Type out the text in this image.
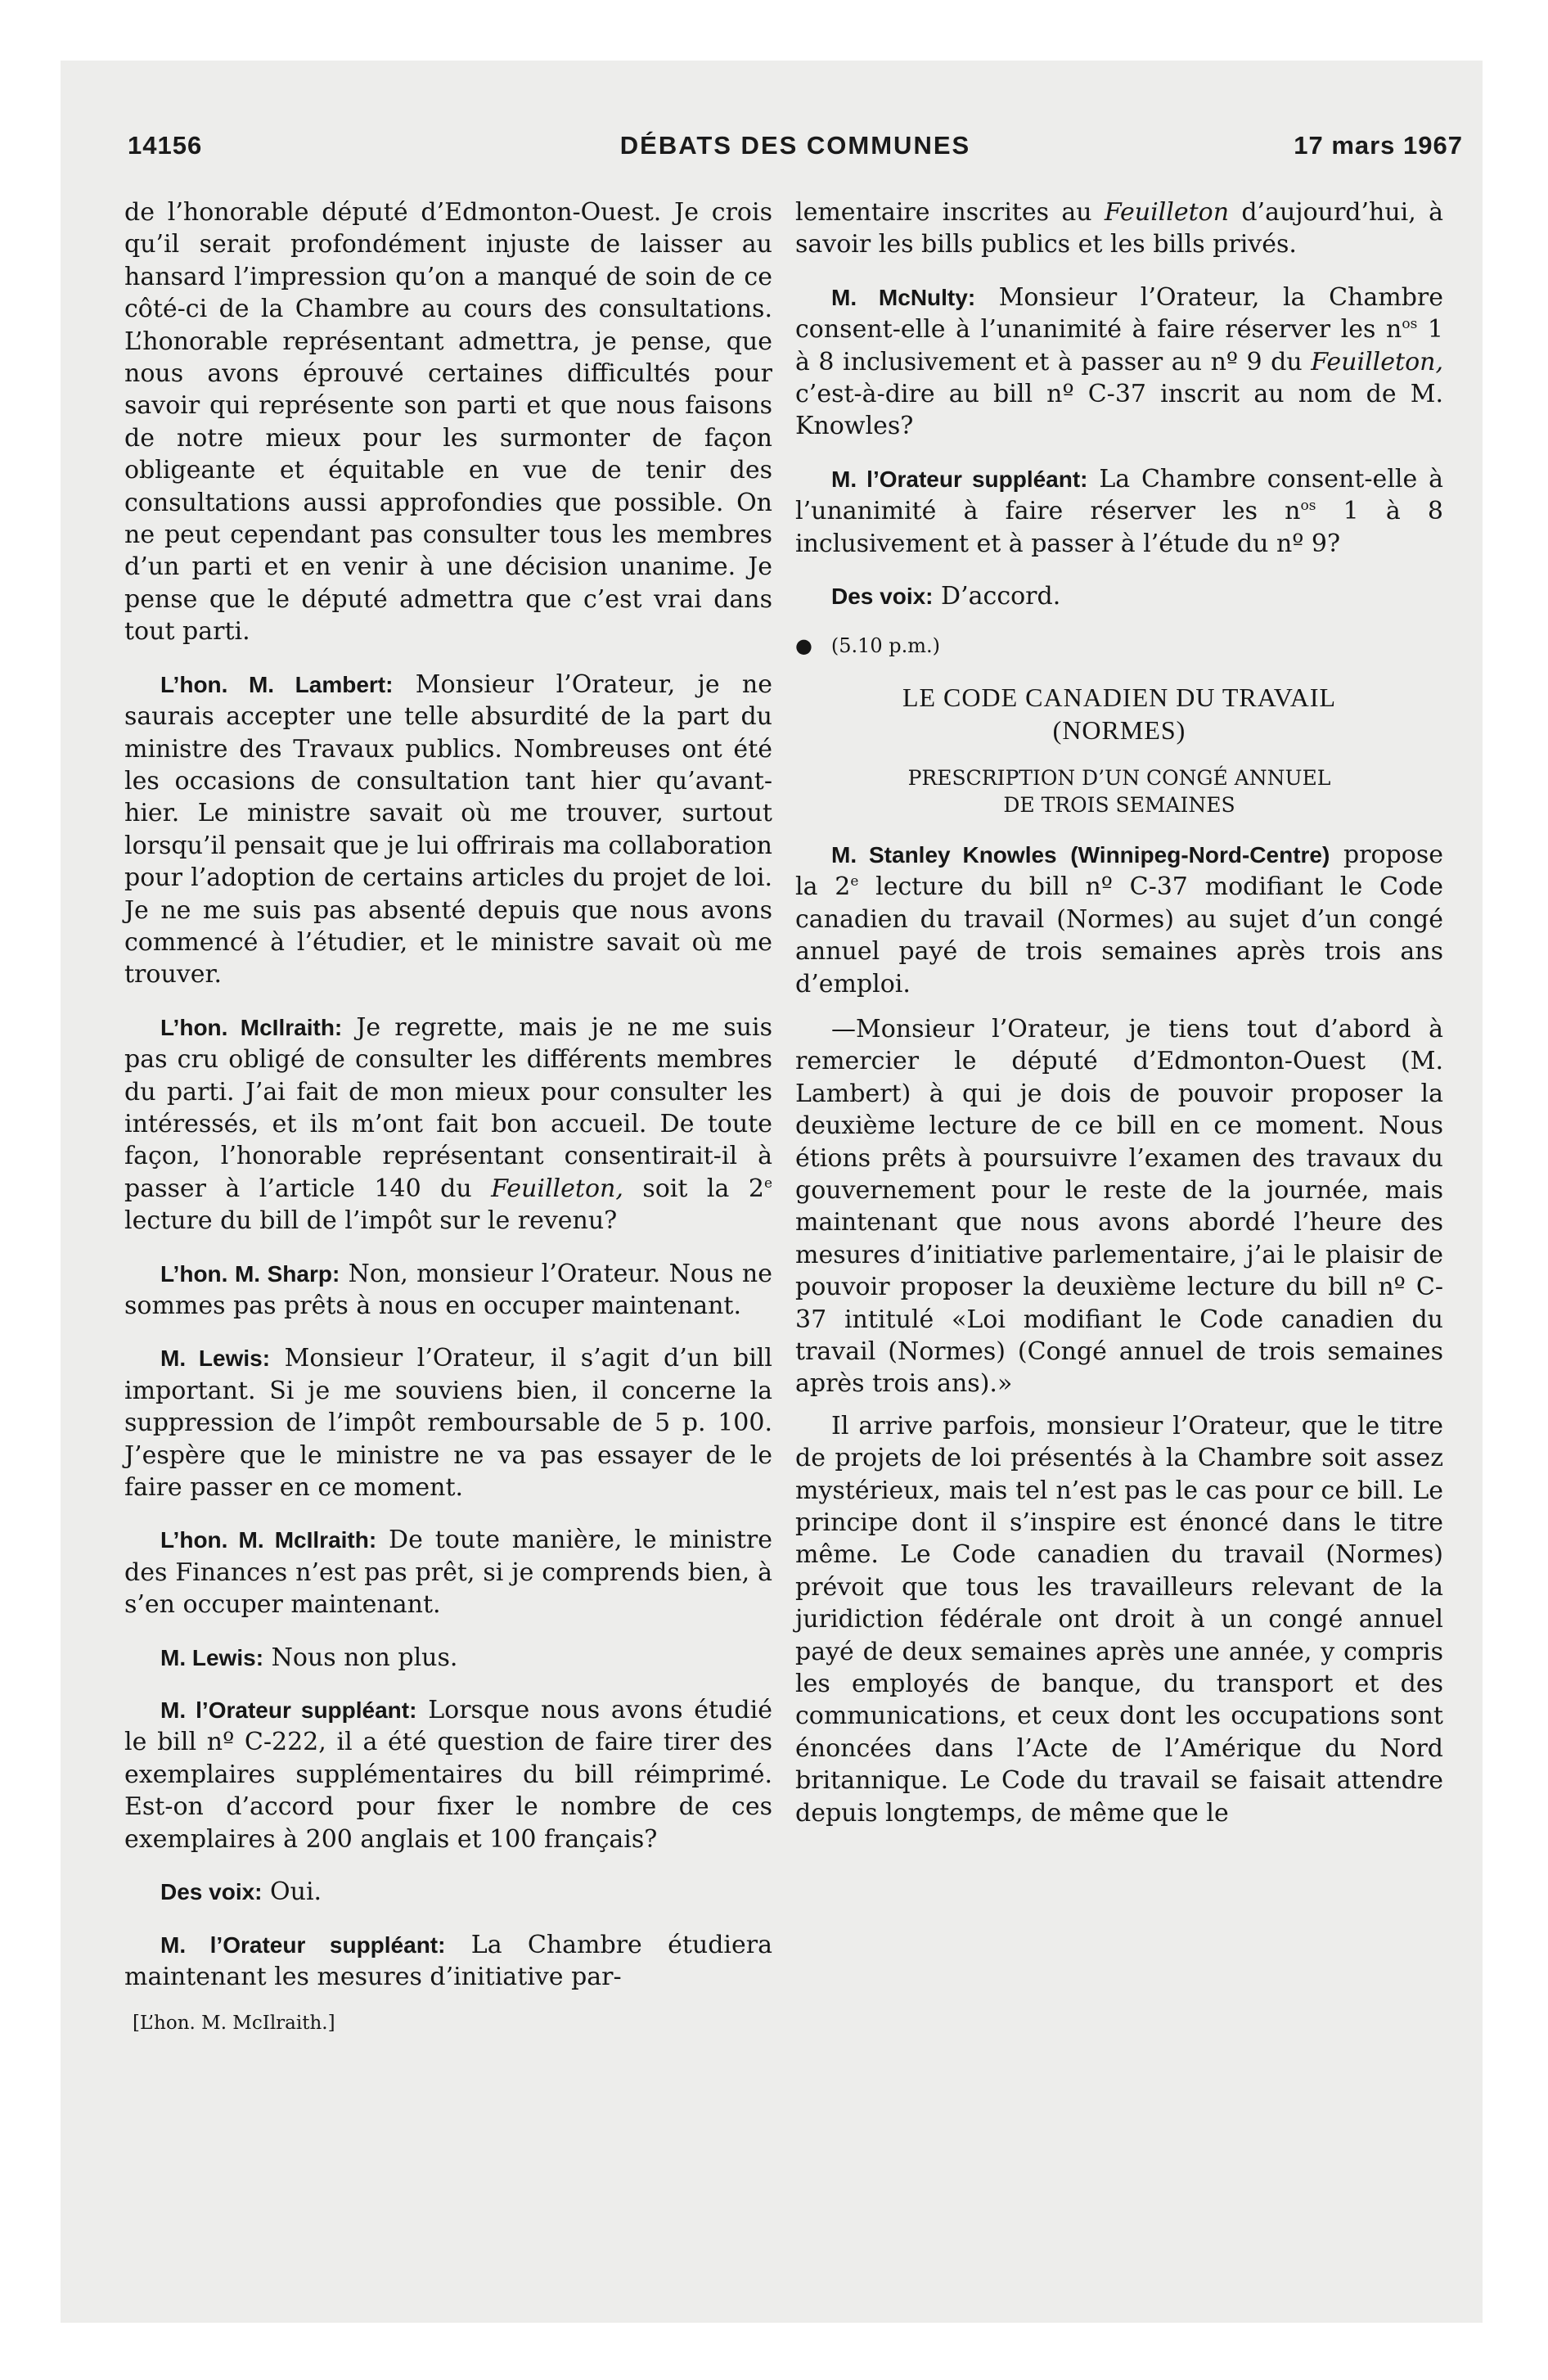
14156	DÉBATS DES COMMUNES	17 mars 1967

de l’honorable député d’Edmonton-Ouest. Je crois qu’il serait profondément injuste de laisser au hansard l’impression qu’on a manqué de soin de ce côté-ci de la Chambre au cours des consultations. L’honorable représentant admettra, je pense, que nous avons éprouvé certaines difficultés pour savoir qui représente son parti et que nous faisons de notre mieux pour les surmonter de façon obligeante et équitable en vue de tenir des consultations aussi approfondies que possible. On ne peut cependant pas consulter tous les membres d’un parti et en venir à une décision unanime. Je pense que le député admettra que c’est vrai dans tout parti.

L’hon. M. Lambert: Monsieur l’Orateur, je ne saurais accepter une telle absurdité de la part du ministre des Travaux publics. Nombreuses ont été les occasions de consultation tant hier qu’avant-hier. Le ministre savait où me trouver, surtout lorsqu’il pensait que je lui offrirais ma collaboration pour l’adoption de certains articles du projet de loi. Je ne me suis pas absenté depuis que nous avons commencé à l’étudier, et le ministre savait où me trouver.

L’hon. McIlraith: Je regrette, mais je ne me suis pas cru obligé de consulter les différents membres du parti. J’ai fait de mon mieux pour consulter les intéressés, et ils m’ont fait bon accueil. De toute façon, l’honorable représentant consentirait-il à passer à l’article 140 du Feuilleton, soit la 2e lecture du bill de l’impôt sur le revenu?

L’hon. M. Sharp: Non, monsieur l’Orateur. Nous ne sommes pas prêts à nous en occuper maintenant.

M. Lewis: Monsieur l’Orateur, il s’agit d’un bill important. Si je me souviens bien, il concerne la suppression de l’impôt remboursable de 5 p. 100. J’espère que le ministre ne va pas essayer de le faire passer en ce moment.

L’hon. M. McIlraith: De toute manière, le ministre des Finances n’est pas prêt, si je comprends bien, à s’en occuper maintenant.

M. Lewis: Nous non plus.

M. l’Orateur suppléant: Lorsque nous avons étudié le bill nº C-222, il a été question de faire tirer des exemplaires supplémentaires du bill réimprimé. Est-on d’accord pour fixer le nombre de ces exemplaires à 200 anglais et 100 français?

Des voix: Oui.

M. l’Orateur suppléant: La Chambre étudiera maintenant les mesures d’initiative par-

[L’hon. M. McIlraith.]

lementaire inscrites au Feuilleton d’aujourd’hui, à savoir les bills publics et les bills privés.

M. McNulty: Monsieur l’Orateur, la Chambre consent-elle à l’unanimité à faire réserver les $n^{os}$ 1 à 8 inclusivement et à passer au nº 9 du Feuilleton, c’est-à-dire au bill nº C-37 inscrit au nom de M. Knowles?

M. l’Orateur suppléant: La Chambre consent-elle à l’unanimité à faire réserver les $n^{os}$ 1 à 8 inclusivement et à passer à l’étude du nº 9?

Des voix: D’accord.

● (5.10 p.m.)

LE CODE CANADIEN DU TRAVAIL
(NORMES)

PRESCRIPTION D’UN CONGÉ ANNUEL
DE TROIS SEMAINES

M. Stanley Knowles (Winnipeg-Nord-Centre) propose la 2e lecture du bill nº C-37 modifiant le Code canadien du travail (Normes) au sujet d’un congé annuel payé de trois semaines après trois ans d’emploi.

—Monsieur l’Orateur, je tiens tout d’abord à remercier le député d’Edmonton-Ouest (M. Lambert) à qui je dois de pouvoir proposer la deuxième lecture de ce bill en ce moment. Nous étions prêts à poursuivre l’examen des travaux du gouvernement pour le reste de la journée, mais maintenant que nous avons abordé l’heure des mesures d’initiative parlementaire, j’ai le plaisir de pouvoir proposer la deuxième lecture du bill nº C-37 intitulé «Loi modifiant le Code canadien du travail (Normes) (Congé annuel de trois semaines après trois ans).»

Il arrive parfois, monsieur l’Orateur, que le titre de projets de loi présentés à la Chambre soit assez mystérieux, mais tel n’est pas le cas pour ce bill. Le principe dont il s’inspire est énoncé dans le titre même. Le Code canadien du travail (Normes) prévoit que tous les travailleurs relevant de la juridiction fédérale ont droit à un congé annuel payé de deux semaines après une année, y compris les employés de banque, du transport et des communications, et ceux dont les occupations sont énoncées dans l’Acte de l’Amérique du Nord britannique. Le Code du travail se faisait attendre depuis longtemps, de même que le
